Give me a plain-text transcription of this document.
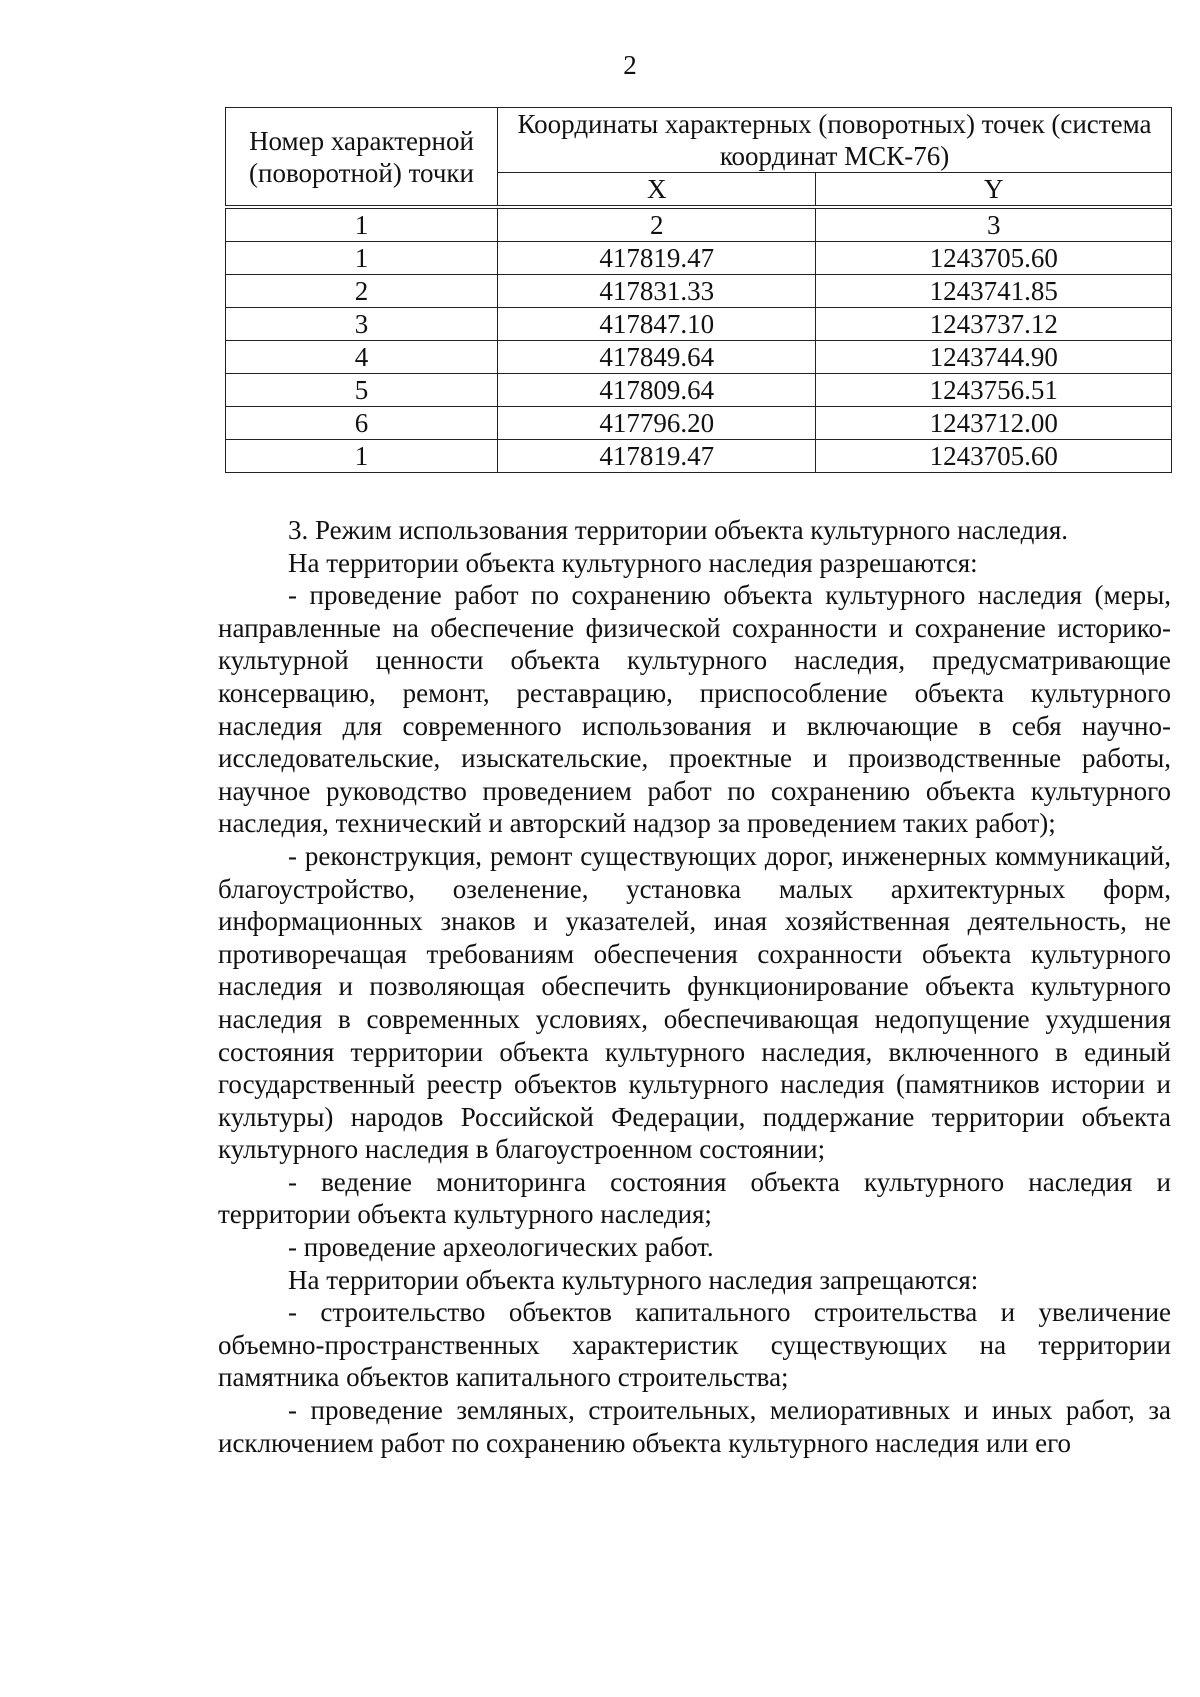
2
Номер характерной (поворотной) точки	Координаты характерных (поворотных) точек (система координат МСК-76)	
	X	Y
1	2	3
1	417819.47	1243705.60
2	417831.33	1243741.85
3	417847.10	1243737.12
4	417849.64	1243744.90
5	417809.64	1243756.51
6	417796.20	1243712.00
1	417819.47	1243705.60

3. Режим использования территории объекта культурного наследия.

На территории объекта культурного наследия разрешаются:

- проведение работ по сохранению объекта культурного наследия (меры, направленные на обеспечение физической сохранности и сохранение историко-культурной ценности объекта культурного наследия, предусматривающие консервацию, ремонт, реставрацию, приспособление объекта культурного наследия для современного использования и включающие в себя научно-исследовательские, изыскательские, проектные и производственные работы, научное руководство проведением работ по сохранению объекта культурного наследия, технический и авторский надзор за проведением таких работ);

- реконструкция, ремонт существующих дорог, инженерных коммуникаций, благоустройство, озеленение, установка малых архитектурных форм, информационных знаков и указателей, иная хозяйственная деятельность, не противоречащая требованиям обеспечения сохранности объекта культурного наследия и позволяющая обеспечить функционирование объекта культурного наследия в современных условиях, обеспечивающая недопущение ухудшения состояния территории объекта культурного наследия, включенного в единый государственный реестр объектов культурного наследия (памятников истории и культуры) народов Российской Федерации, поддержание территории объекта культурного наследия в благоустроенном состоянии;

- ведение мониторинга состояния объекта культурного наследия и территории объекта культурного наследия;

- проведение археологических работ.

На территории объекта культурного наследия запрещаются:

- строительство объектов капитального строительства и увеличение объемно-пространственных характеристик существующих на территории памятника объектов капитального строительства;

- проведение земляных, строительных, мелиоративных и иных работ, за исключением работ по сохранению объекта культурного наследия или его
